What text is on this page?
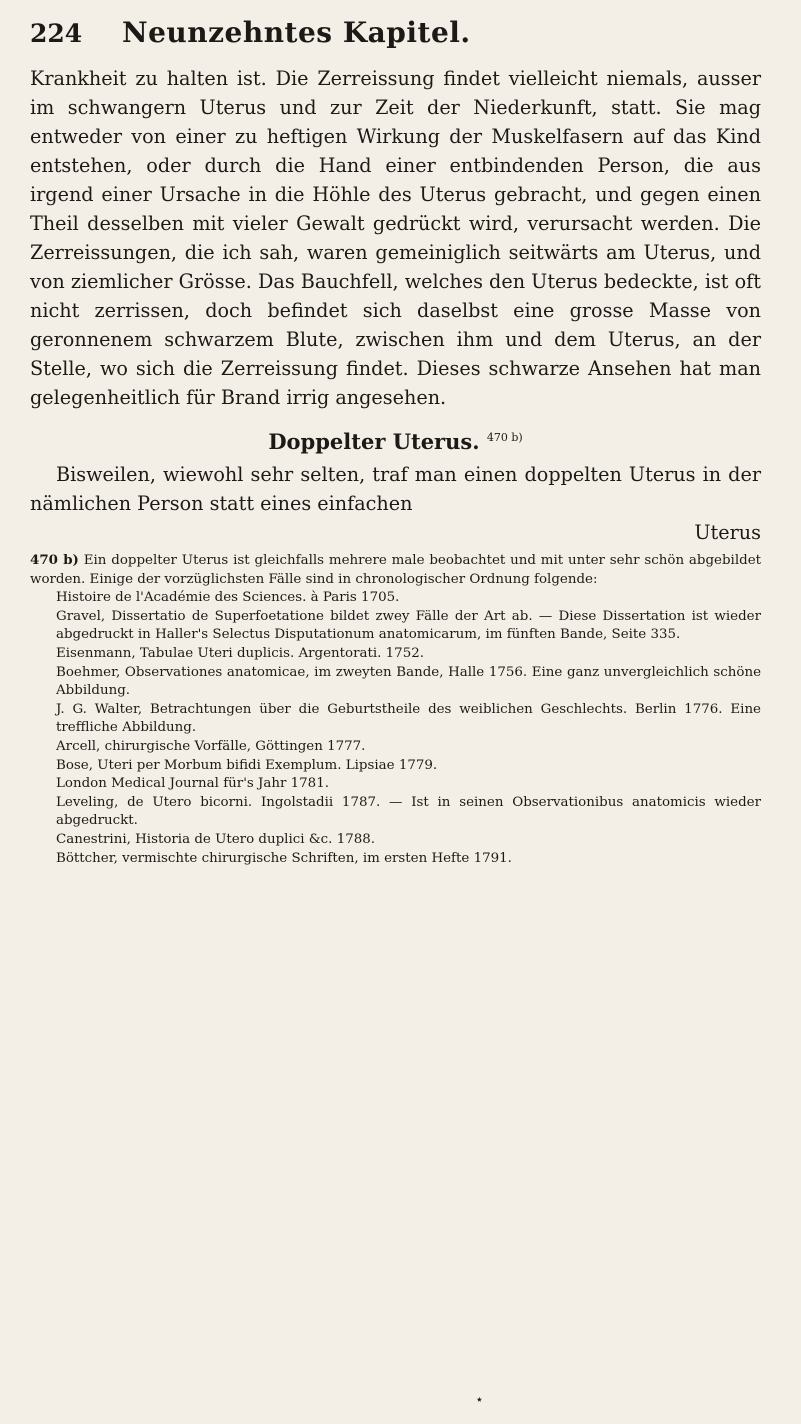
224	Neunzehntes Kapitel.

Krankheit zu halten ist. Die Zerreissung findet vielleicht niemals, ausser im schwangern Uterus und zur Zeit der Niederkunft, statt. Sie mag entweder von einer zu heftigen Wirkung der Muskelfasern auf das Kind entstehen, oder durch die Hand einer entbindenden Person, die aus irgend einer Ursache in die Höhle des Uterus gebracht, und gegen einen Theil desselben mit vieler Gewalt gedrückt wird, verursacht werden. Die Zerreissungen, die ich sah, waren gemeiniglich seitwärts am Uterus, und von ziemlicher Grösse. Das Bauchfell, welches den Uterus bedeckte, ist oft nicht zerrissen, doch befindet sich daselbst eine grosse Masse von geronnenem schwarzem Blute, zwischen ihm und dem Uterus, an der Stelle, wo sich die Zerreissung findet. Dieses schwarze Ansehen hat man gelegenheitlich für Brand irrig angesehen.

Doppelter Uterus. $^{470 b)}$

Bisweilen, wiewohl sehr selten, traf man einen doppelten Uterus in der nämlichen Person statt eines einfachen

Uterus

470 b) Ein doppelter Uterus ist gleichfalls mehrere male beobachtet und mit unter sehr schön abgebildet worden. Einige der vorzüglichsten Fälle sind in chronologischer Ordnung folgende:

Histoire de l'Académie des Sciences. à Paris 1705.

Gravel, Dissertatio de Superfoetatione bildet zwey Fälle der Art ab. — Diese Dissertation ist wieder abgedruckt in Haller's Selectus Disputationum anatomicarum, im fünften Bande, Seite 335.

Eisenmann, Tabulae Uteri duplicis. Argentorati. 1752.

Boehmer, Observationes anatomicae, im zweyten Bande, Halle 1756. Eine ganz unvergleichlich schöne Abbildung.

J. G. Walter, Betrachtungen über die Geburtstheile des weiblichen Geschlechts. Berlin 1776. Eine treffliche Abbildung.

Arcell, chirurgische Vorfälle, Göttingen 1777.

Bose, Uteri per Morbum bifidi Exemplum. Lipsiae 1779.

London Medical Journal für's Jahr 1781.

Leveling, de Utero bicorni. Ingolstadii 1787. — Ist in seinen Observationibus anatomicis wieder abgedruckt.

Canestrini, Historia de Utero duplici &c. 1788.

Böttcher, vermischte chirurgische Schriften, im ersten Hefte 1791.

⋆
